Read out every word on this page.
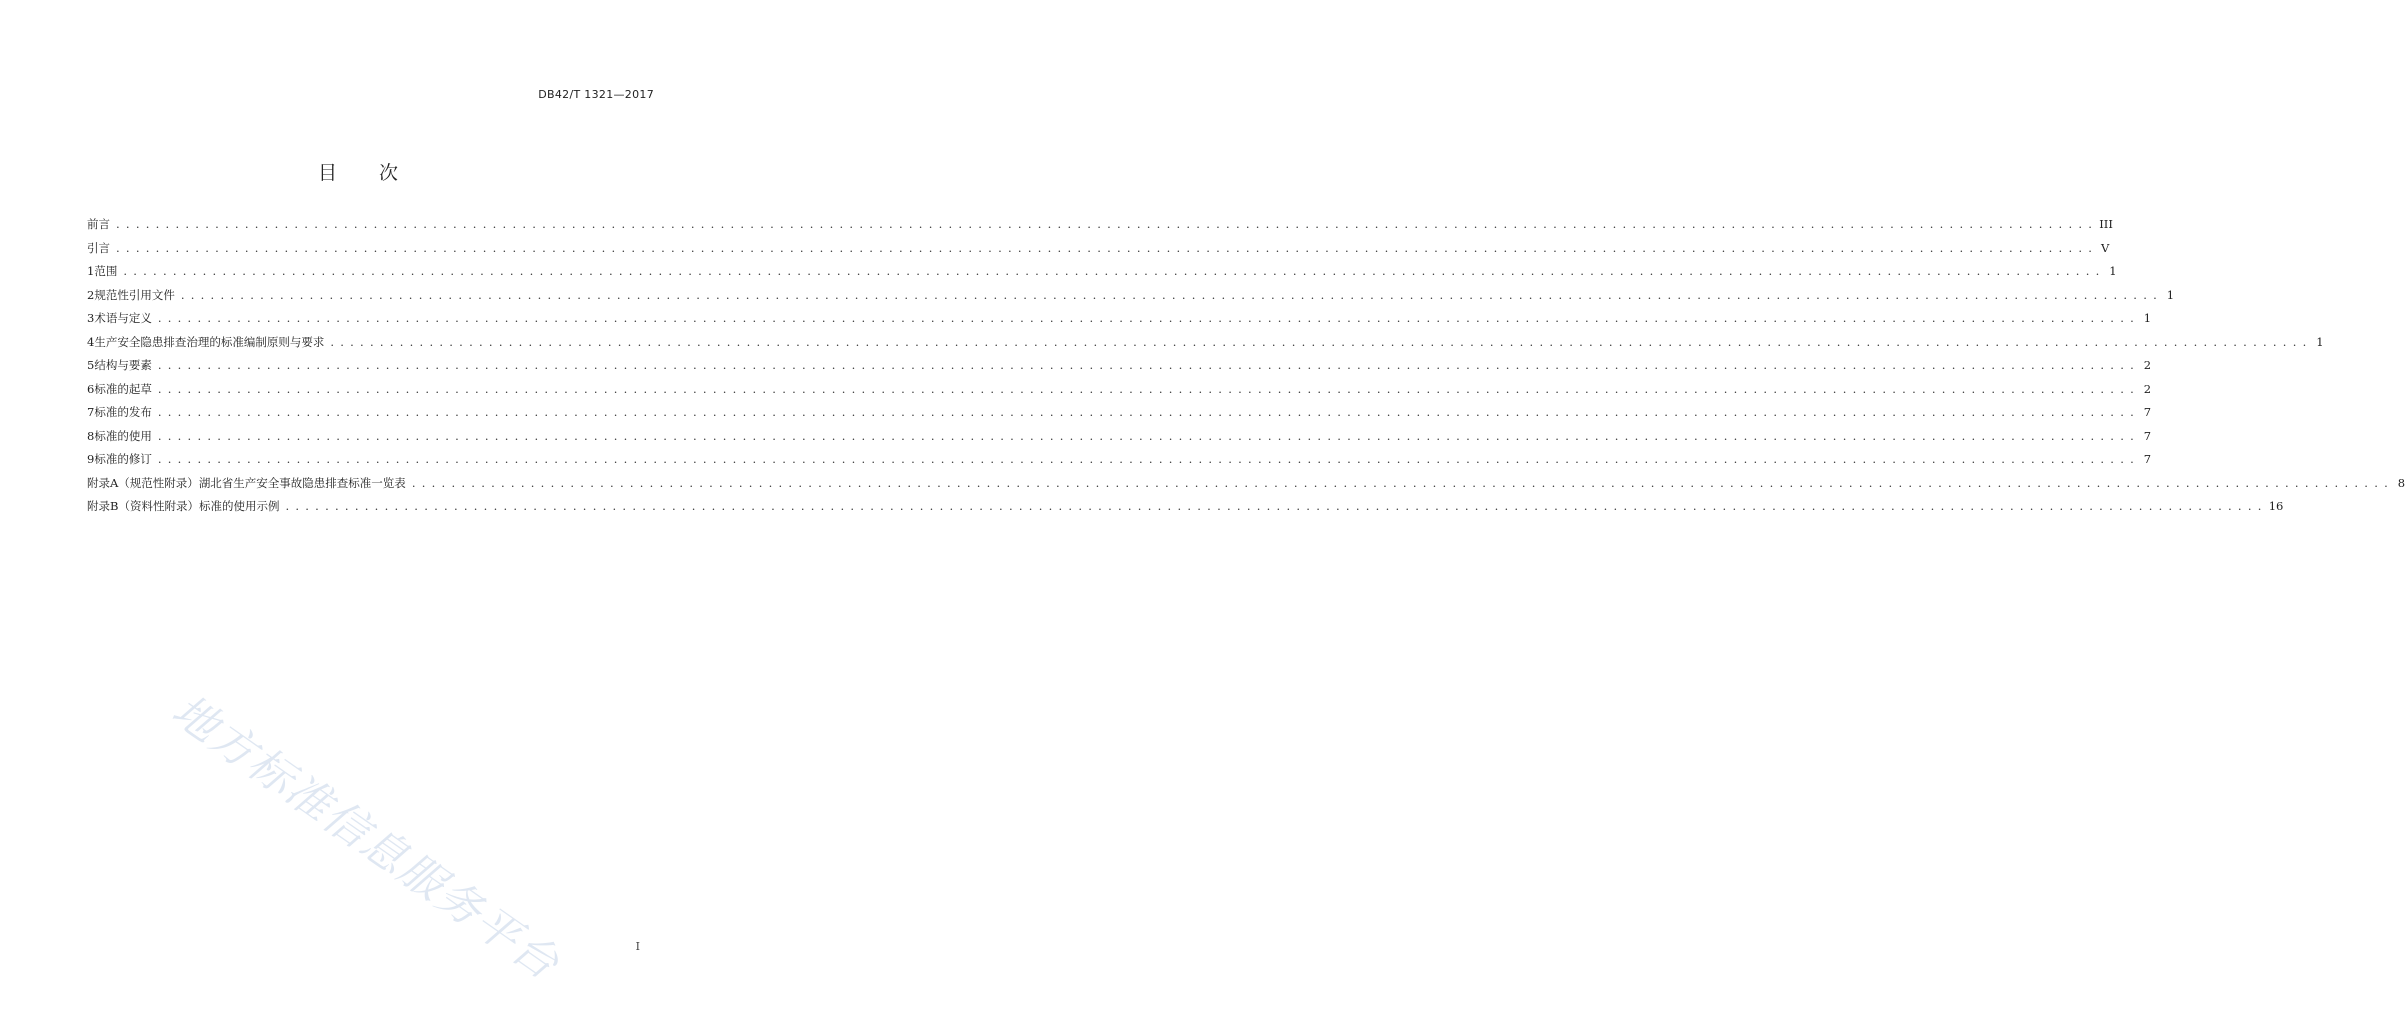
DB42/T 1321—2017
目 次
前言 . . . . . . . . . . . . . . . . . . . . . . . . . . . . . . . . . . . . . . . . . . . . . . . . . . . . . . . . . . . . . . . . . . . . . . . . . . . . . . . . . . . . . . . . . . . . . . . . . . . . . . . . . . . . . . . . . . . . . . . . . . . . . . . . . . . . . . . . . . . . . . . . . . . . . . . . . . . . . . . . . . . . . . . . . . . . . . . . . . . . . . . . . . . . . . . . . . . . . . . . III
引言 . . . . . . . . . . . . . . . . . . . . . . . . . . . . . . . . . . . . . . . . . . . . . . . . . . . . . . . . . . . . . . . . . . . . . . . . . . . . . . . . . . . . . . . . . . . . . . . . . . . . . . . . . . . . . . . . . . . . . . . . . . . . . . . . . . . . . . . . . . . . . . . . . . . . . . . . . . . . . . . . . . . . . . . . . . . . . . . . . . . . . . . . . . . . . . . . . . . . . . . . V
1 范围 . . . . . . . . . . . . . . . . . . . . . . . . . . . . . . . . . . . . . . . . . . . . . . . . . . . . . . . . . . . . . . . . . . . . . . . . . . . . . . . . . . . . . . . . . . . . . . . . . . . . . . . . . . . . . . . . . . . . . . . . . . . . . . . . . . . . . . . . . . . . . . . . . . . . . . . . . . . . . . . . . . . . . . . . . . . . . . . . . . . . . . . . . . . . . . . . . . . . . . . . 1
2 规范性引用文件 . . . . . . . . . . . . . . . . . . . . . . . . . . . . . . . . . . . . . . . . . . . . . . . . . . . . . . . . . . . . . . . . . . . . . . . . . . . . . . . . . . . . . . . . . . . . . . . . . . . . . . . . . . . . . . . . . . . . . . . . . . . . . . . . . . . . . . . . . . . . . . . . . . . . . . . . . . . . . . . . . . . . . . . . . . . . . . . . . . . . . . . . . . . . . . . . . . . . . . . . 1
3 术语与定义 . . . . . . . . . . . . . . . . . . . . . . . . . . . . . . . . . . . . . . . . . . . . . . . . . . . . . . . . . . . . . . . . . . . . . . . . . . . . . . . . . . . . . . . . . . . . . . . . . . . . . . . . . . . . . . . . . . . . . . . . . . . . . . . . . . . . . . . . . . . . . . . . . . . . . . . . . . . . . . . . . . . . . . . . . . . . . . . . . . . . . . . . . . . . . . . . . . . . . . . . 1
4 生产安全隐患排查治理的标准编制原则与要求 . . . . . . . . . . . . . . . . . . . . . . . . . . . . . . . . . . . . . . . . . . . . . . . . . . . . . . . . . . . . . . . . . . . . . . . . . . . . . . . . . . . . . . . . . . . . . . . . . . . . . . . . . . . . . . . . . . . . . . . . . . . . . . . . . . . . . . . . . . . . . . . . . . . . . . . . . . . . . . . . . . . . . . . . . . . . . . . . . . . . . . . . . . . . . . . . . . . . . . . . 1
5 结构与要素 . . . . . . . . . . . . . . . . . . . . . . . . . . . . . . . . . . . . . . . . . . . . . . . . . . . . . . . . . . . . . . . . . . . . . . . . . . . . . . . . . . . . . . . . . . . . . . . . . . . . . . . . . . . . . . . . . . . . . . . . . . . . . . . . . . . . . . . . . . . . . . . . . . . . . . . . . . . . . . . . . . . . . . . . . . . . . . . . . . . . . . . . . . . . . . . . . . . . . . . . 2
6 标准的起草 . . . . . . . . . . . . . . . . . . . . . . . . . . . . . . . . . . . . . . . . . . . . . . . . . . . . . . . . . . . . . . . . . . . . . . . . . . . . . . . . . . . . . . . . . . . . . . . . . . . . . . . . . . . . . . . . . . . . . . . . . . . . . . . . . . . . . . . . . . . . . . . . . . . . . . . . . . . . . . . . . . . . . . . . . . . . . . . . . . . . . . . . . . . . . . . . . . . . . . . . 2
7 标准的发布 . . . . . . . . . . . . . . . . . . . . . . . . . . . . . . . . . . . . . . . . . . . . . . . . . . . . . . . . . . . . . . . . . . . . . . . . . . . . . . . . . . . . . . . . . . . . . . . . . . . . . . . . . . . . . . . . . . . . . . . . . . . . . . . . . . . . . . . . . . . . . . . . . . . . . . . . . . . . . . . . . . . . . . . . . . . . . . . . . . . . . . . . . . . . . . . . . . . . . . . . 7
8 标准的使用 . . . . . . . . . . . . . . . . . . . . . . . . . . . . . . . . . . . . . . . . . . . . . . . . . . . . . . . . . . . . . . . . . . . . . . . . . . . . . . . . . . . . . . . . . . . . . . . . . . . . . . . . . . . . . . . . . . . . . . . . . . . . . . . . . . . . . . . . . . . . . . . . . . . . . . . . . . . . . . . . . . . . . . . . . . . . . . . . . . . . . . . . . . . . . . . . . . . . . . . . 7
9 标准的修订 . . . . . . . . . . . . . . . . . . . . . . . . . . . . . . . . . . . . . . . . . . . . . . . . . . . . . . . . . . . . . . . . . . . . . . . . . . . . . . . . . . . . . . . . . . . . . . . . . . . . . . . . . . . . . . . . . . . . . . . . . . . . . . . . . . . . . . . . . . . . . . . . . . . . . . . . . . . . . . . . . . . . . . . . . . . . . . . . . . . . . . . . . . . . . . . . . . . . . . . . 7
附录A（规范性附录） 湖北省生产安全事故隐患排查标准一览表 . . . . . . . . . . . . . . . . . . . . . . . . . . . . . . . . . . . . . . . . . . . . . . . . . . . . . . . . . . . . . . . . . . . . . . . . . . . . . . . . . . . . . . . . . . . . . . . . . . . . . . . . . . . . . . . . . . . . . . . . . . . . . . . . . . . . . . . . . . . . . . . . . . . . . . . . . . . . . . . . . . . . . . . . . . . . . . . . . . . . . . . . . . . . . . . . . . . . . . . . 8
附录B（资料性附录） 标准的使用示例 . . . . . . . . . . . . . . . . . . . . . . . . . . . . . . . . . . . . . . . . . . . . . . . . . . . . . . . . . . . . . . . . . . . . . . . . . . . . . . . . . . . . . . . . . . . . . . . . . . . . . . . . . . . . . . . . . . . . . . . . . . . . . . . . . . . . . . . . . . . . . . . . . . . . . . . . . . . . . . . . . . . . . . . . . . . . . . . . . . . . . . . . . . . . . . . . . . . . . . . . 16
地方标准信息服务平台	I
